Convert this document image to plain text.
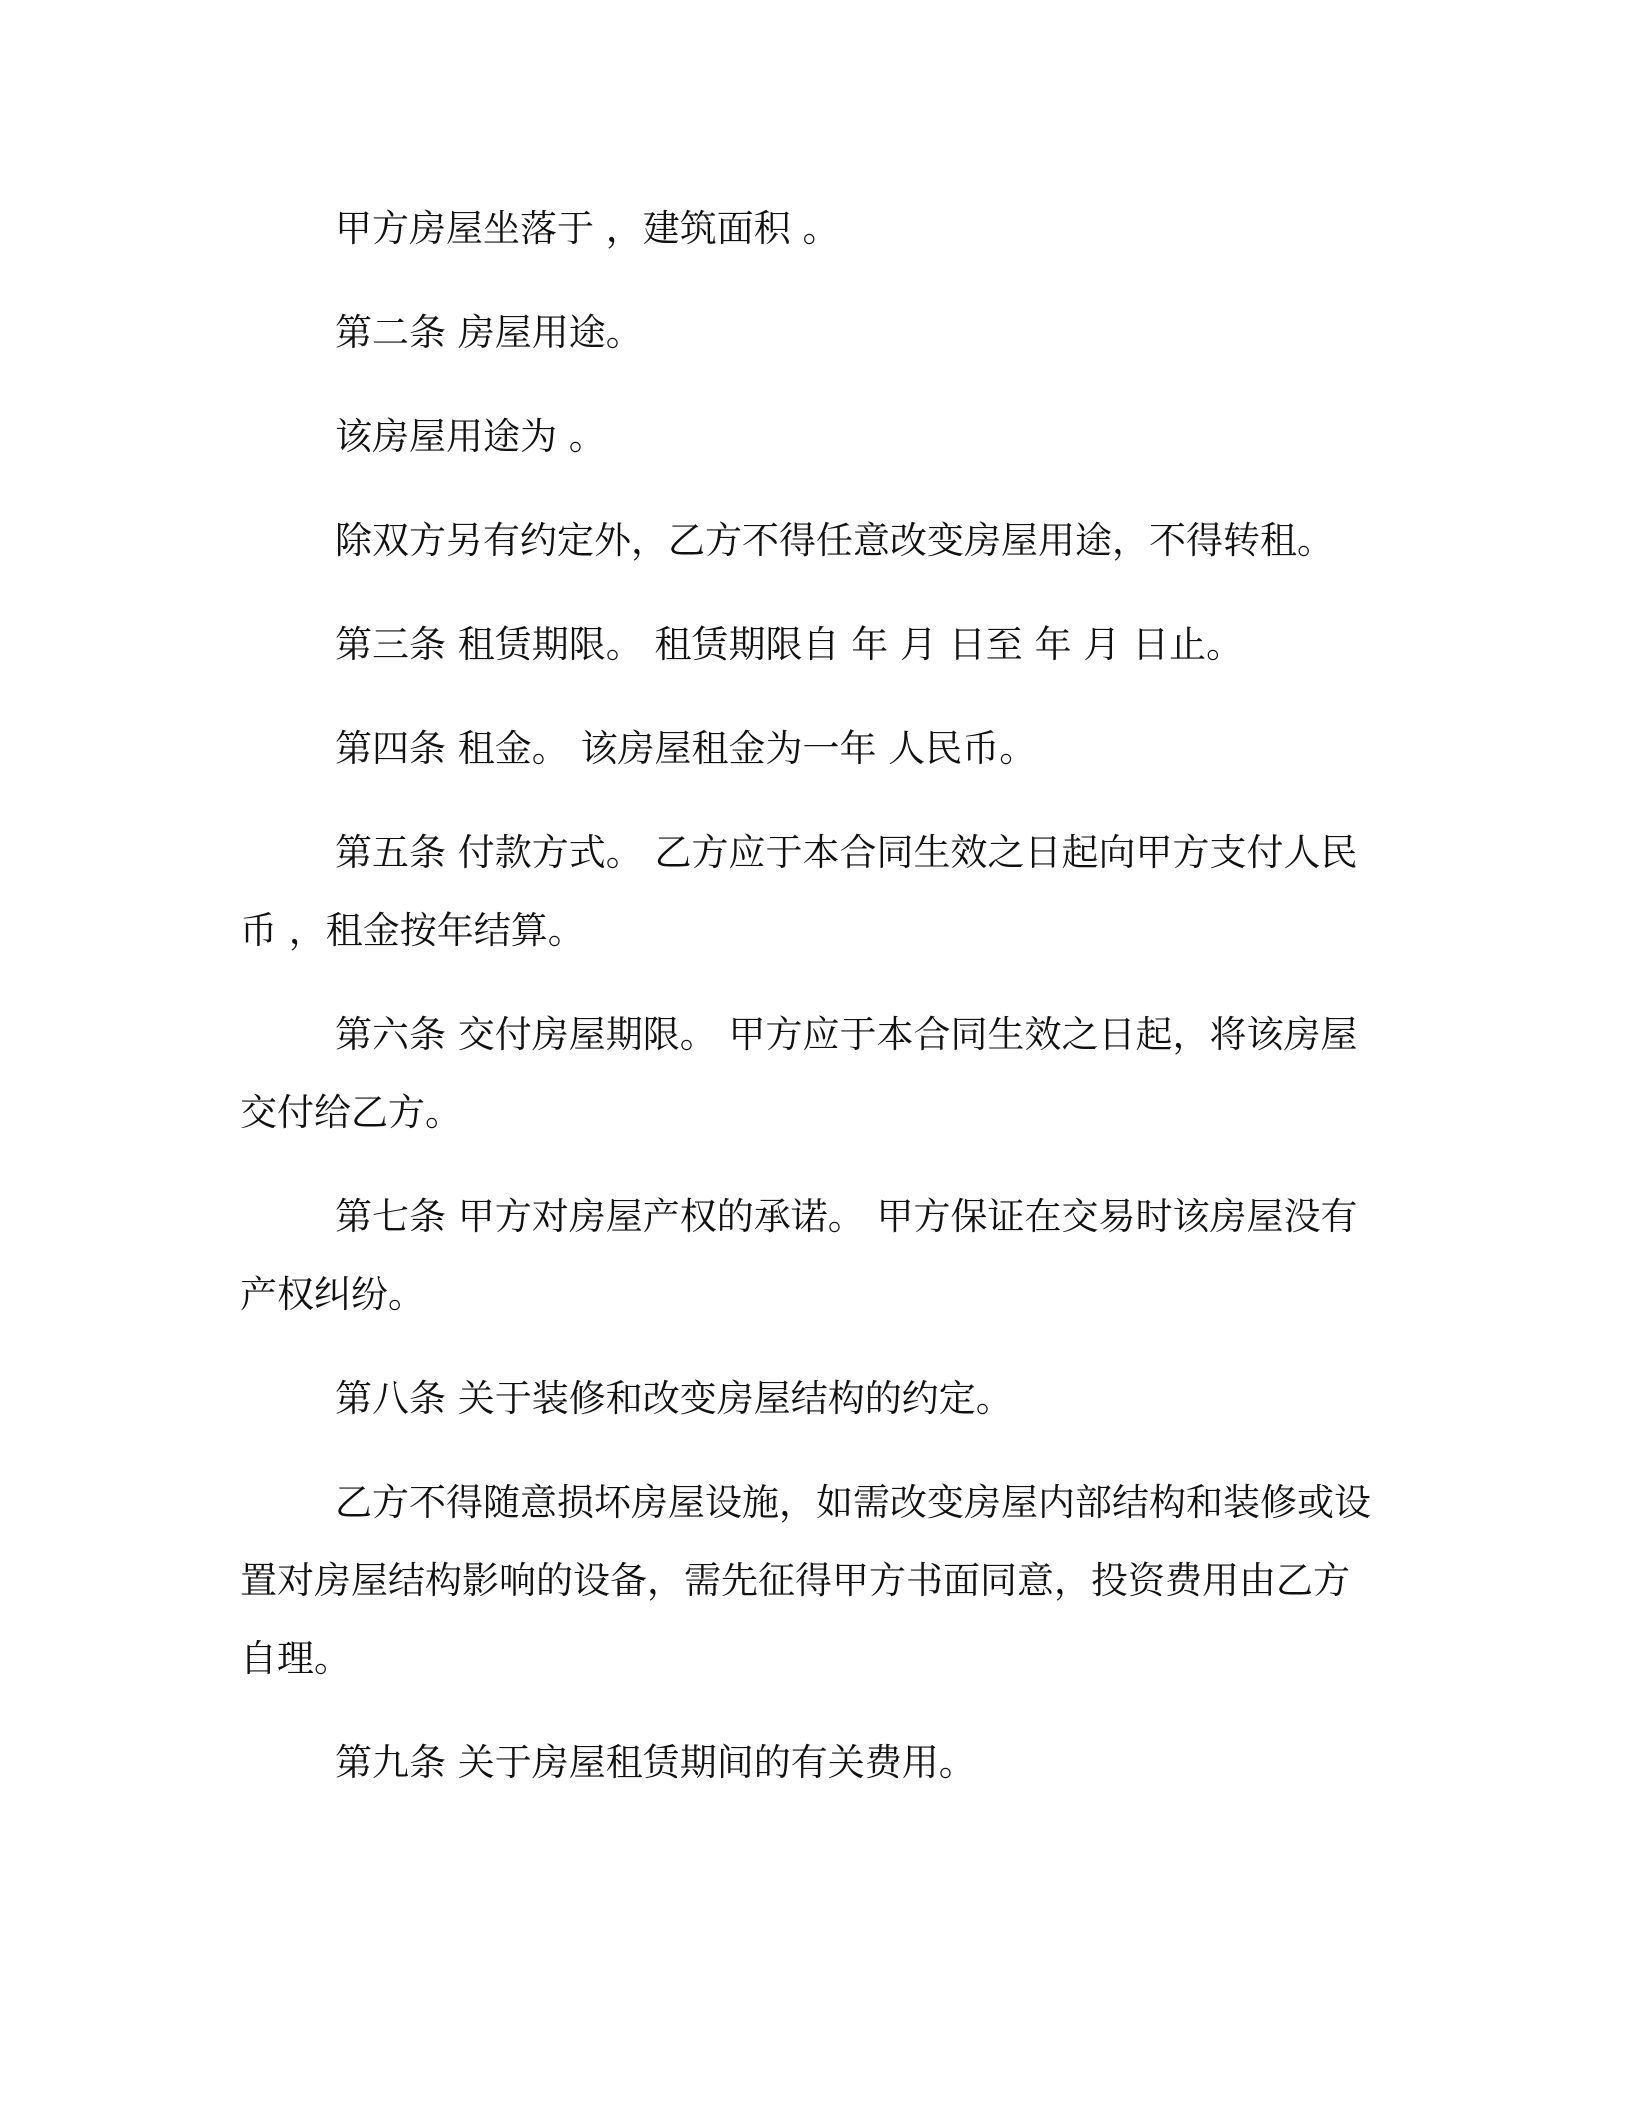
甲方房屋坐落于 ，建筑面积 。

第二条 房屋用途。

该房屋用途为 。

除双方另有约定外，乙方不得任意改变房屋用途，不得转租。

第三条 租赁期限。 租赁期限自 年 月 日至 年 月 日止。

第四条 租金。 该房屋租金为一年 人民币。

第五条 付款方式。 乙方应于本合同生效之日起向甲方支付人民
币 ，租金按年结算。

第六条 交付房屋期限。 甲方应于本合同生效之日起，将该房屋
交付给乙方。

第七条 甲方对房屋产权的承诺。 甲方保证在交易时该房屋没有
产权纠纷。

第八条 关于装修和改变房屋结构的约定。

乙方不得随意损坏房屋设施，如需改变房屋内部结构和装修或设
置对房屋结构影响的设备，需先征得甲方书面同意，投资费用由乙方
自理。

第九条 关于房屋租赁期间的有关费用。
